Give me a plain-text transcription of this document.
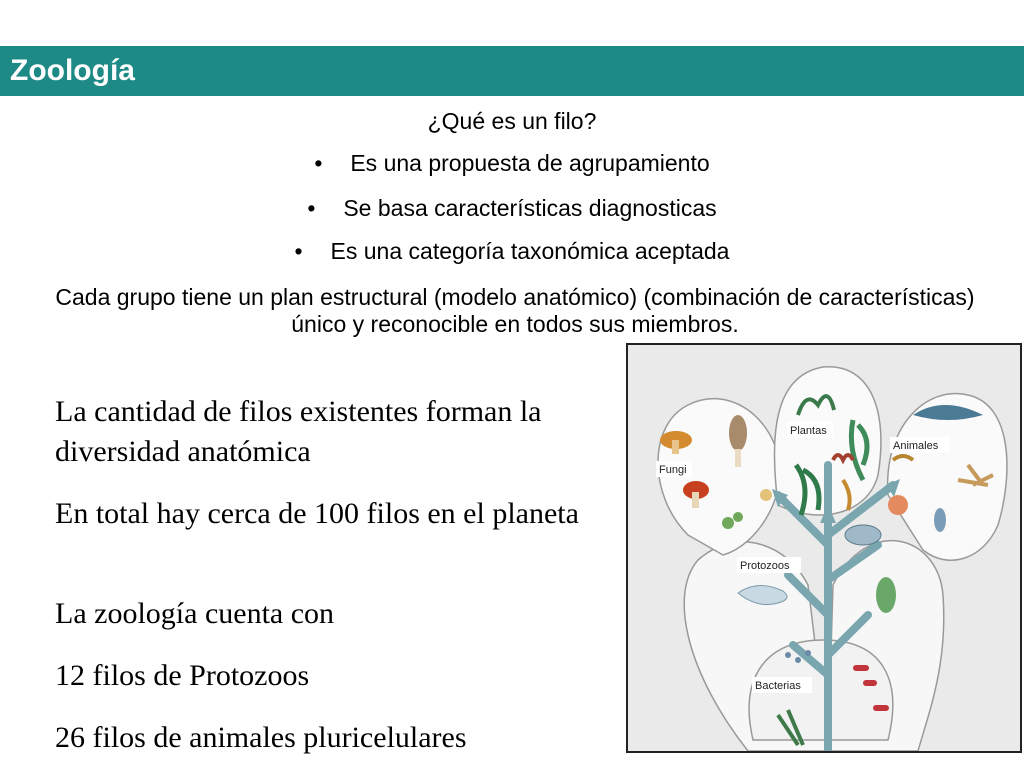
Zoología
¿Qué es un filo?
• Es una propuesta de agrupamiento
• Se basa características diagnosticas
• Es una categoría taxonómica aceptada
Cada grupo tiene un plan estructural (modelo anatómico) (combinación de características) único y reconocible en todos sus miembros.
La cantidad de filos existentes forman la diversidad anatómica
En total hay cerca de 100 filos en el planeta
La zoología cuenta con
12 filos de Protozoos
26 filos de animales pluricelulares
Plantas
Animales
Fungi
Protozoos
Bacterias
